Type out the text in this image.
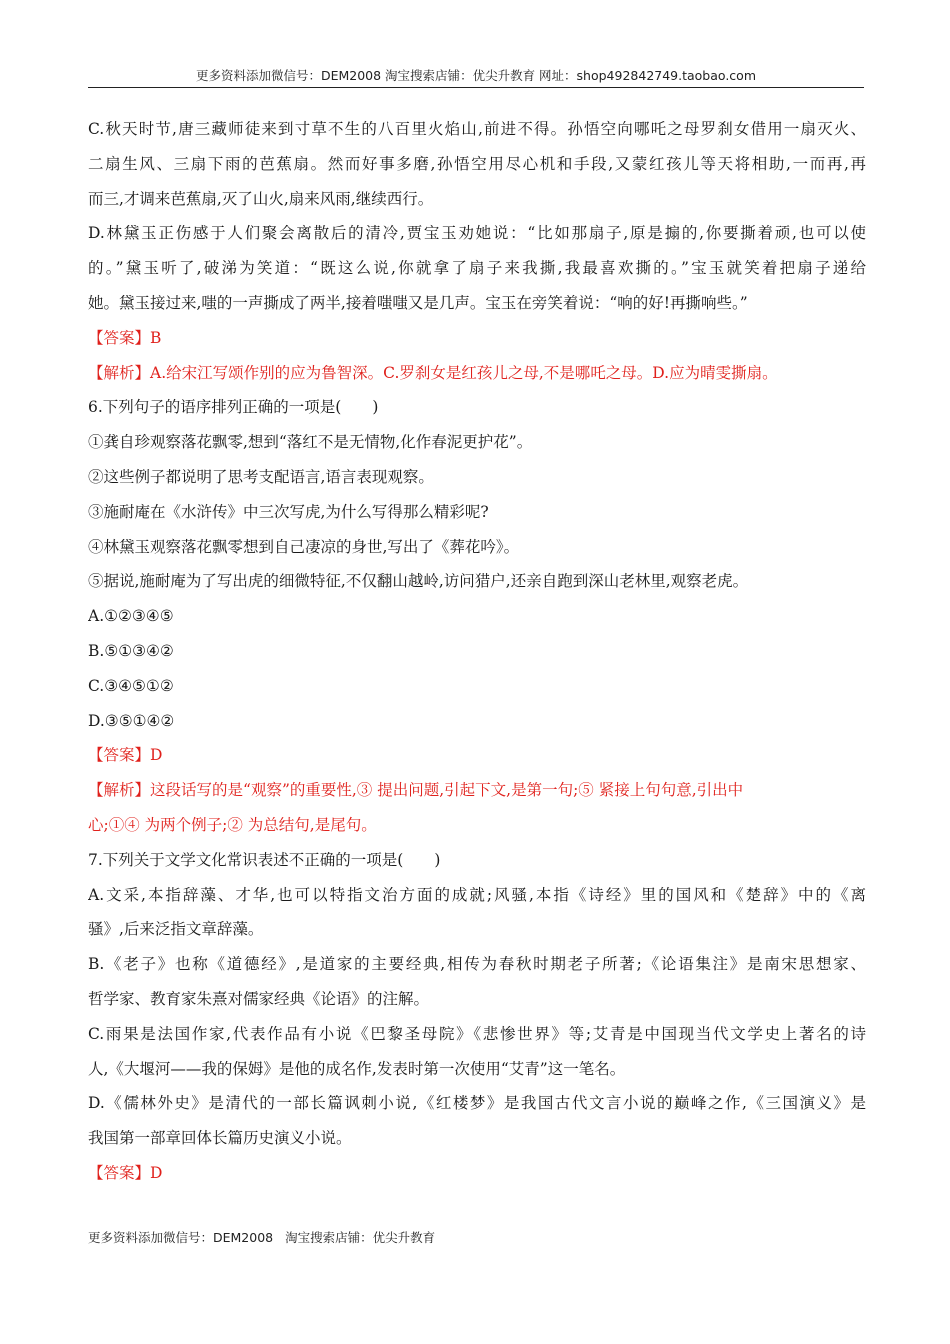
更多资料添加微信号：DEM2008 淘宝搜索店铺：优尖升教育 网址：shop492842749.taobao.com
C.秋天时节,唐三藏师徒来到寸草不生的八百里火焰山,前进不得。孙悟空向哪吒之母罗刹女借用一扇灭火、
二扇生风、三扇下雨的芭蕉扇。然而好事多磨,孙悟空用尽心机和手段,又蒙红孩儿等天将相助,一而再,再
而三,才调来芭蕉扇,灭了山火,扇来风雨,继续西行。
D.林黛玉正伤感于人们聚会离散后的清冷,贾宝玉劝她说：“比如那扇子,原是搧的,你要撕着顽,也可以使
的。”黛玉听了,破涕为笑道：“既这么说,你就拿了扇子来我撕,我最喜欢撕的。”宝玉就笑着把扇子递给
她。黛玉接过来,嗤的一声撕成了两半,接着嗤嗤又是几声。宝玉在旁笑着说：“响的好!再撕响些。”
【答案】B
【解析】A.给宋江写颂作别的应为鲁智深。C.罗刹女是红孩儿之母,不是哪吒之母。D.应为晴雯撕扇。
6.下列句子的语序排列正确的一项是(　　)
①龚自珍观察落花飘零,想到“落红不是无情物,化作春泥更护花”。
②这些例子都说明了思考支配语言,语言表现观察。
③施耐庵在《水浒传》中三次写虎,为什么写得那么精彩呢?
④林黛玉观察落花飘零想到自己凄凉的身世,写出了《葬花吟》。
⑤据说,施耐庵为了写出虎的细微特征,不仅翻山越岭,访问猎户,还亲自跑到深山老林里,观察老虎。
A.①②③④⑤
B.⑤①③④②
C.③④⑤①②
D.③⑤①④②
【答案】D
【解析】这段话写的是“观察”的重要性,③ 提出问题,引起下文,是第一句;⑤ 紧接上句句意,引出中
心;①④ 为两个例子;② 为总结句,是尾句。
7.下列关于文学文化常识表述不正确的一项是(　　)
A.文采,本指辞藻、才华,也可以特指文治方面的成就;风骚,本指《诗经》里的国风和《楚辞》中的《离
骚》,后来泛指文章辞藻。
B.《老子》也称《道德经》,是道家的主要经典,相传为春秋时期老子所著;《论语集注》是南宋思想家、
哲学家、教育家朱熹对儒家经典《论语》的注解。
C.雨果是法国作家,代表作品有小说《巴黎圣母院》《悲惨世界》等;艾青是中国现当代文学史上著名的诗
人,《大堰河——我的保姆》是他的成名作,发表时第一次使用“艾青”这一笔名。
D.《儒林外史》是清代的一部长篇讽刺小说,《红楼梦》是我国古代文言小说的巅峰之作,《三国演义》是
我国第一部章回体长篇历史演义小说。
【答案】D
更多资料添加微信号：DEM2008 淘宝搜索店铺：优尖升教育
